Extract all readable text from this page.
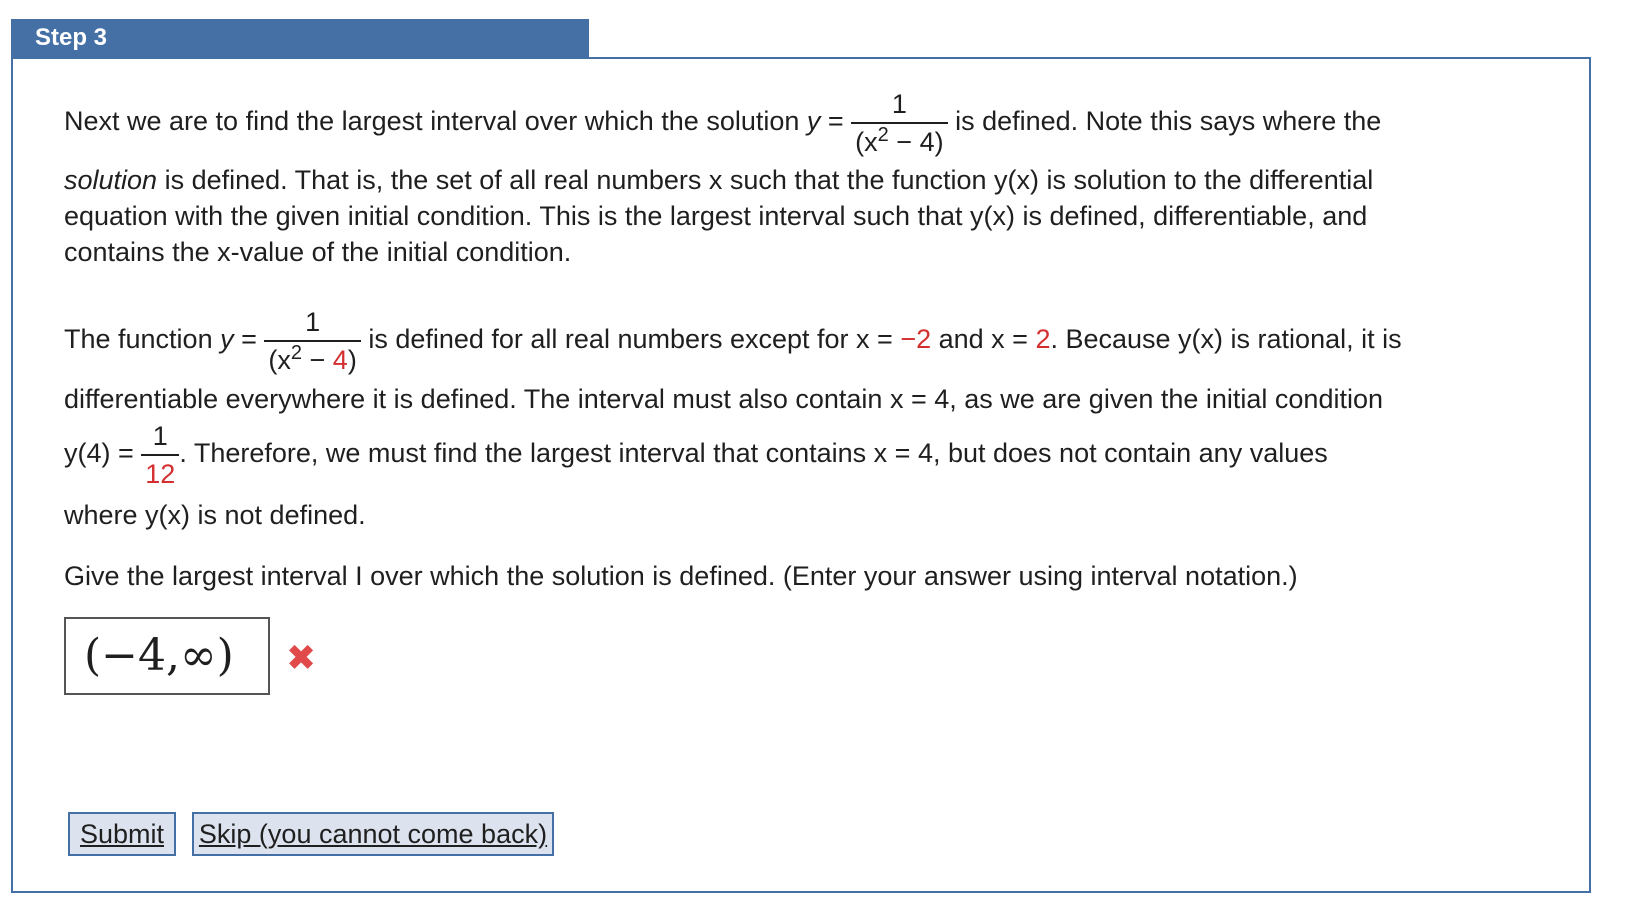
Step 3
Next we are to find the largest interval over which the solution $y = \frac{1}{(x^2 - 4)}$ is defined. Note this says where the
solution is defined. That is, the set of all real numbers x such that the function y(x) is solution to the differential
equation with the given initial condition. This is the largest interval such that y(x) is defined, differentiable, and
contains the x-value of the initial condition.
The function $y = \frac{1}{(x^2 - 4)}$ is defined for all real numbers except for x = −2 and x = 2. Because y(x) is rational, it is
differentiable everywhere it is defined. The interval must also contain x = 4, as we are given the initial condition
$y(4) = \frac{1}{12}$ . Therefore, we must find the largest interval that contains x = 4, but does not contain any values
where y(x) is not defined.
Give the largest interval I over which the solution is defined. (Enter your answer using interval notation.)
(−4,∞)	✖
Submit	Skip (you cannot come back)
